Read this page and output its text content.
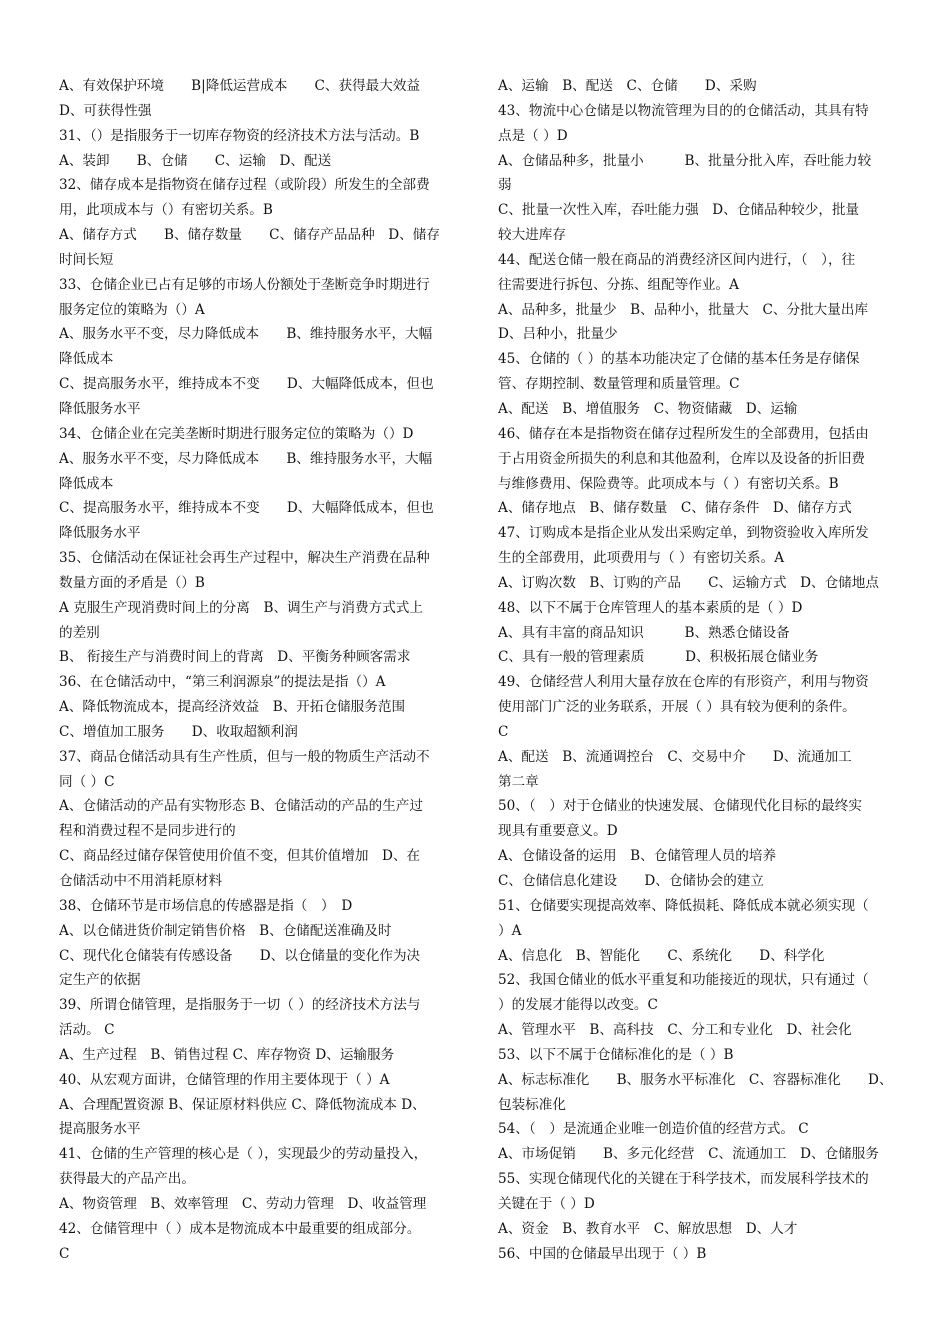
A、有效保护环境　　B|降低运营成本　　C、获得最大效益
D、可获得性强
31、（）是指服务于一切库存物资的经济技术方法与活动。B
A、装卸　　B、仓储　　C、运输　D、配送
32、储存成本是指物资在储存过程（或阶段）所发生的全部费
用，此项成本与（）有密切关系。B
A、储存方式　　B、储存数量　　C、储存产品品种　D、储存
时间长短
33、仓储企业已占有足够的市场人份额处于垄断竞争时期进行
服务定位的策略为（）A
A、服务水平不变，尽力降低成本　　B、维持服务水平，大幅
降低成本
C、提高服务水平，维持成本不变　　D、大幅降低成本，但也
降低服务水平
34、仓储企业在完美垄断时期进行服务定位的策略为（）D
A、服务水平不变，尽力降低成本　　B、维持服务水平，大幅
降低成本
C、提高服务水平，维持成本不变　　D、大幅降低成本，但也
降低服务水平
35、仓储活动在保证社会再生产过程中，解决生产消费在品种
数量方面的矛盾是（）B
A 克服生产现消费时间上的分离　B、调生产与消费方式式上
的差别
B、 衔接生产与消费时间上的背离　D、平衡务种顾客需求
36、在仓储活动中，“第三利润源泉”的提法是指（）A
A、降低物流成本，提高经济效益　B、开拓仓储服务范围
C、增值加工服务　　D、收取超额利润
37、商品仓储活动具有生产性质，但与一般的物质生产活动不
同（ ）C
A、仓储活动的产品有实物形态 B、仓储活动的产品的生产过
程和消费过程不是同步进行的
C、商品经过储存保管使用价值不变，但其价值增加　D、在
仓储活动中不用消耗原材料
38、仓储环节是市场信息的传感器是指（　）　D
A、以仓储进货价制定销售价格　B、仓储配送准确及时
C、现代化仓储装有传感设备　　D、以仓储量的变化作为决
定生产的依据
39、所谓仓储管理，是指服务于一切（ ）的经济技术方法与
活动。 C
A、生产过程　B、销售过程 C、库存物资 D、运输服务
40、从宏观方面讲，仓储管理的作用主要体现于（ ）A
A、合理配置资源 B、保证原材料供应 C、降低物流成本 D、
提高服务水平
41、仓储的生产管理的核心是（ ），实现最少的劳动量投入，
获得最大的产品产出。
A、物资管理　B、效率管理　C、劳动力管理　D、收益管理
42、仓储管理中（ ）成本是物流成本中最重要的组成部分。
C
A、运输　B、配送　C、仓储　　D、采购
43、物流中心仓储是以物流管理为目的的仓储活动，其具有特
点是（ ）D
A、仓储品种多，批量小　　　B、批量分批入库，吞吐能力较
弱
C、批量一次性入库，吞吐能力强　D、仓储品种较少，批量
较大进库存
44、配送仓储一般在商品的消费经济区间内进行，（　），往
往需要进行拆包、分拣、组配等作业。A
A、品种多，批量少　B、品种小，批量大　C、分批大量出库
D、吕种小，批量少
45、仓储的（ ）的基本功能决定了仓储的基本任务是存储保
管、存期控制、数量管理和质量管理。C
A、配送　B、增值服务　C、物资储藏　D、运输
46、储存在本是指物资在储存过程所发生的全部费用，包括由
于占用资金所损失的利息和其他盈利，仓库以及设备的折旧费
与维修费用、保险费等。此项成本与（ ）有密切关系。B
A、储存地点　B、储存数量　C、储存条件　D、储存方式
47、订购成本是指企业从发出采购定单，到物资验收入库所发
生的全部费用，此项费用与（ ）有密切关系。A
A、订购次数　B、订购的产品　　C、运输方式　D、仓储地点
48、以下不属于仓库管理人的基本素质的是（ ）D
A、具有丰富的商品知识　　　B、熟悉仓储设备
C、具有一般的管理素质　　　D、积极拓展仓储业务
49、仓储经营人利用大量存放在仓库的有形资产，利用与物资
使用部门广泛的业务联系，开展（ ）具有较为便利的条件。
C
A、配送　B、流通调控台　C、交易中介　　D、流通加工
第二章
50、（　）对于仓储业的快速发展、仓储现代化目标的最终实
现具有重要意义。D
A、仓储设备的运用　B、仓储管理人员的培养
C、仓储信息化建设　　D、仓储协会的建立
51、仓储要实现提高效率、降低损耗、降低成本就必须实现（
）A
A、信息化　B、智能化　　C、系统化　　D、科学化
52、我国仓储业的低水平重复和功能接近的现状，只有通过（
）的发展才能得以改变。C
A、管理水平　B、高科技　C、分工和专业化　D、社会化
53、以下不属于仓储标准化的是（ ）B
A、标志标准化　　B、服务水平标准化　C、容器标准化　　D、
包装标准化
54、（　）是流通企业唯一创造价值的经营方式。 C
A、市场促销　　B、多元化经营　C、流通加工　D、仓储服务
55、实现仓储现代化的关键在于科学技术，而发展科学技术的
关键在于（ ）D
A、资金　B、教育水平　C、解放思想　D、人才
56、中国的仓储最早出现于（ ）B
